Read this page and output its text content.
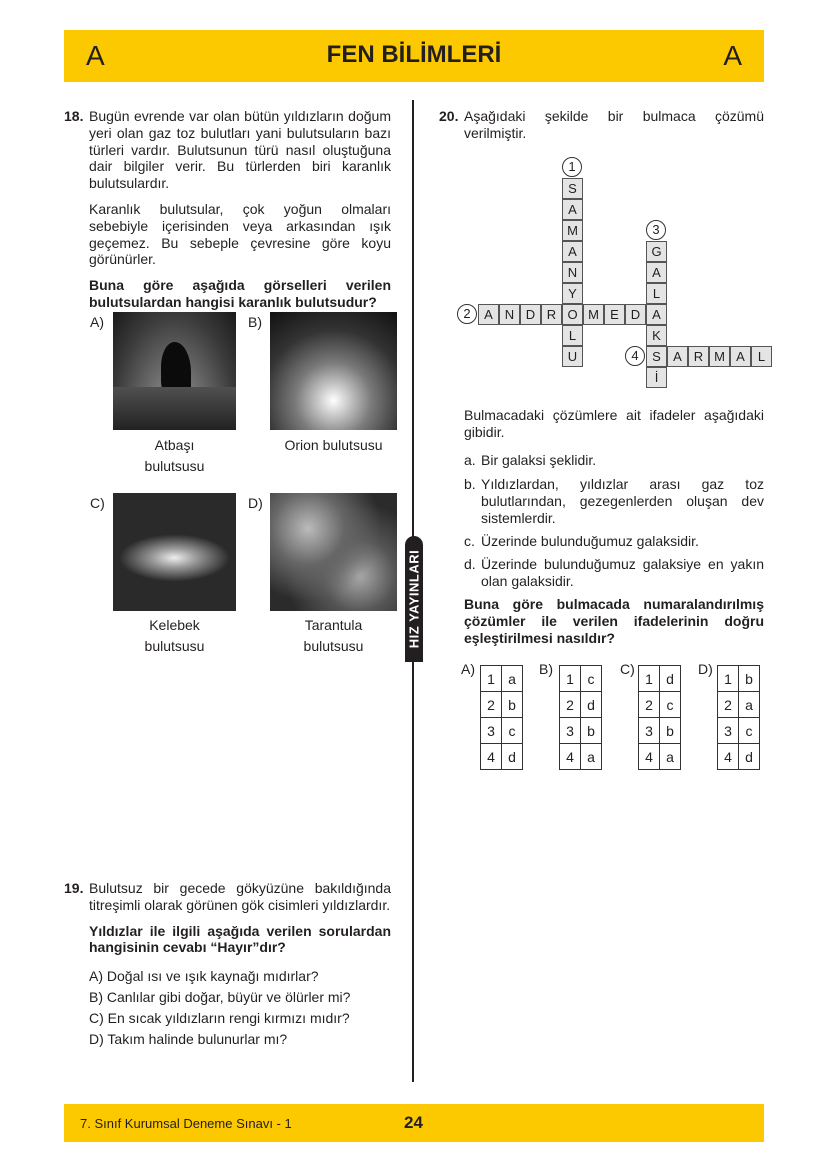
A	FEN BİLİMLERİ	A
HIZ YAYINLARI
18. Bugün evrende var olan bütün yıldızların doğum yeri olan gaz toz bulutları yani bulutsuların bazı türleri vardır. Bulutsunun türü nasıl oluştuğuna dair bilgiler verir. Bu türlerden biri karanlık bulutsulardır.

Karanlık bulutsular, çok yoğun olmaları sebebiyle içerisinden veya arkasından ışık geçemez. Bu sebeple çevresine göre koyu görünürler.

Buna göre aşağıda görselleri verilen bulutsulardan hangisi karanlık bulutsudur?

A)
Atbaşı
bulutsusu
B)
Orion bulutsusu
C)
Kelebek
bulutsusu
D)
Tarantula
bulutsusu
19. Bulutsuz bir gecede gökyüzüne bakıldığında titreşimli olarak görünen gök cisimleri yıldızlardır.

Yıldızlar ile ilgili aşağıda verilen sorulardan hangisinin cevabı “Hayır”dır?

A) Doğal ısı ve ışık kaynağı mıdırlar?
B) Canlılar gibi doğar, büyür ve ölürler mi?
C) En sıcak yıldızların rengi kırmızı mıdır?
D) Takım halinde bulunurlar mı?
20. Aşağıdaki şekilde bir bulmaca çözümü verilmiştir.
S
A
M
A
N
Y
O
L
U
1
A N D R	M E D A
2
G
A
L
K
S
İ
3
A R M A	L
4
Bulmacadaki çözümlere ait ifadeler aşağıdaki gibidir.
a. Bir galaksi şeklidir.
b. Yıldızlardan, yıldızlar arası gaz toz bulutlarından, gezegenlerden oluşan dev sistemlerdir.
c. Üzerinde bulunduğumuz galaksidir.
d. Üzerinde bulunduğumuz galaksiye en yakın olan galaksidir.
Buna göre bulmacada numaralandırılmış çözümler ile verilen ifadelerinin doğru eşleştirilmesi nasıldır?
A)
1	a
2	b
3	c
4	d
B)
1	c
2	d
3	b
4	a
C)
1	d
2	c
3	b
4	a
D)
1	b
2	a
3	c
4	d
7. Sınıf Kurumsal Deneme Sınavı - 1	24
